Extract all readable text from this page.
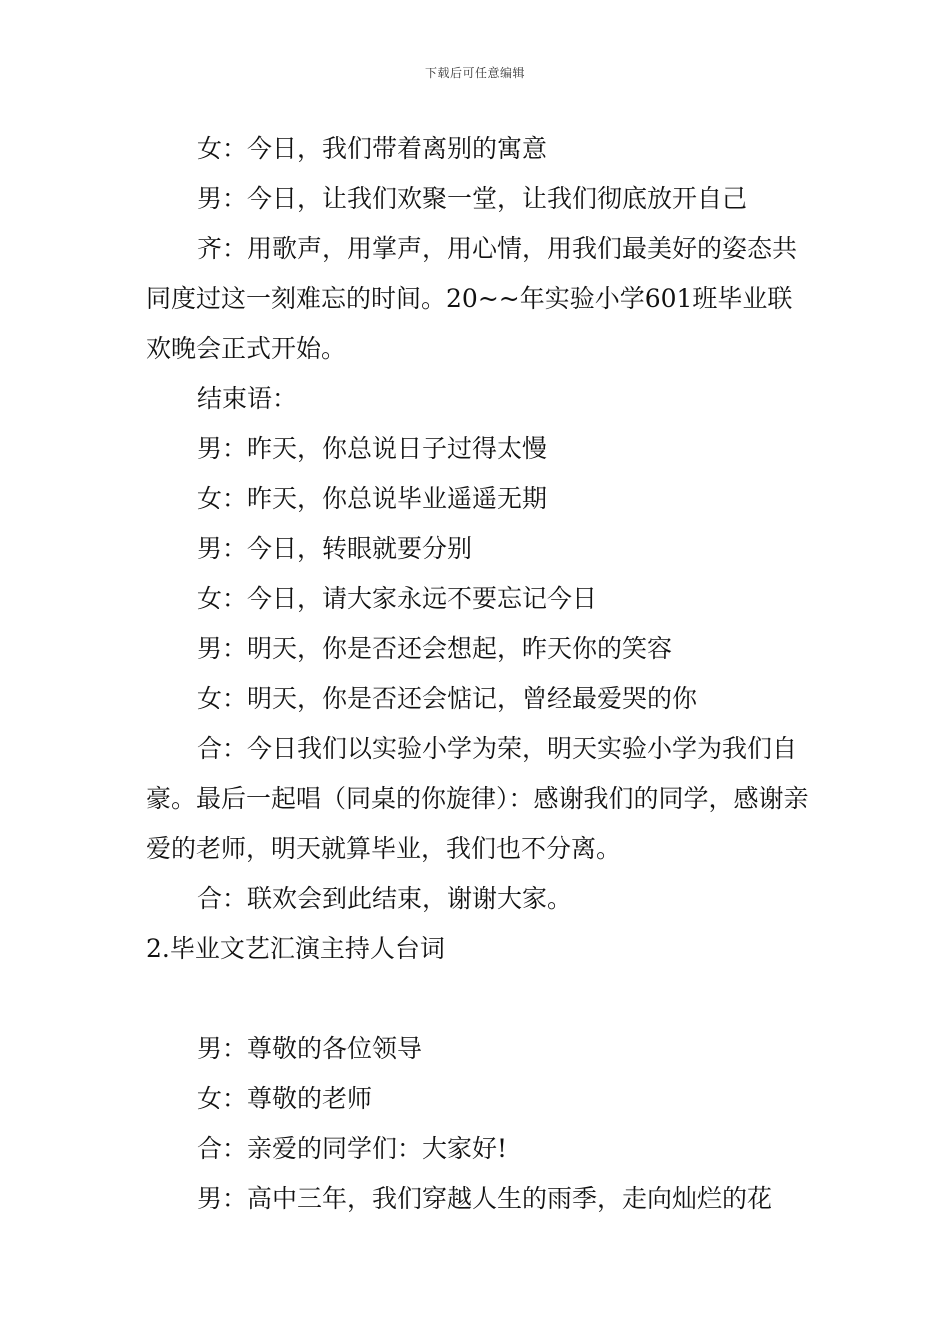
下载后可任意编辑

女：今日，我们带着离别的寓意

男：今日，让我们欢聚一堂，让我们彻底放开自己

齐：用歌声，用掌声，用心情，用我们最美好的姿态共同度过这一刻难忘的时间。20~~年实验小学601班毕业联欢晚会正式开始。

结束语：

男：昨天，你总说日子过得太慢

女：昨天，你总说毕业遥遥无期

男：今日，转眼就要分别

女：今日，请大家永远不要忘记今日

男：明天，你是否还会想起，昨天你的笑容

女：明天，你是否还会惦记，曾经最爱哭的你

合：今日我们以实验小学为荣，明天实验小学为我们自豪。最后一起唱（同桌的你旋律）：感谢我们的同学，感谢亲爱的老师，明天就算毕业，我们也不分离。

合：联欢会到此结束，谢谢大家。

2.毕业文艺汇演主持人台词

男：尊敬的各位领导

女：尊敬的老师

合：亲爱的同学们：大家好!

男：高中三年，我们穿越人生的雨季，走向灿烂的花
